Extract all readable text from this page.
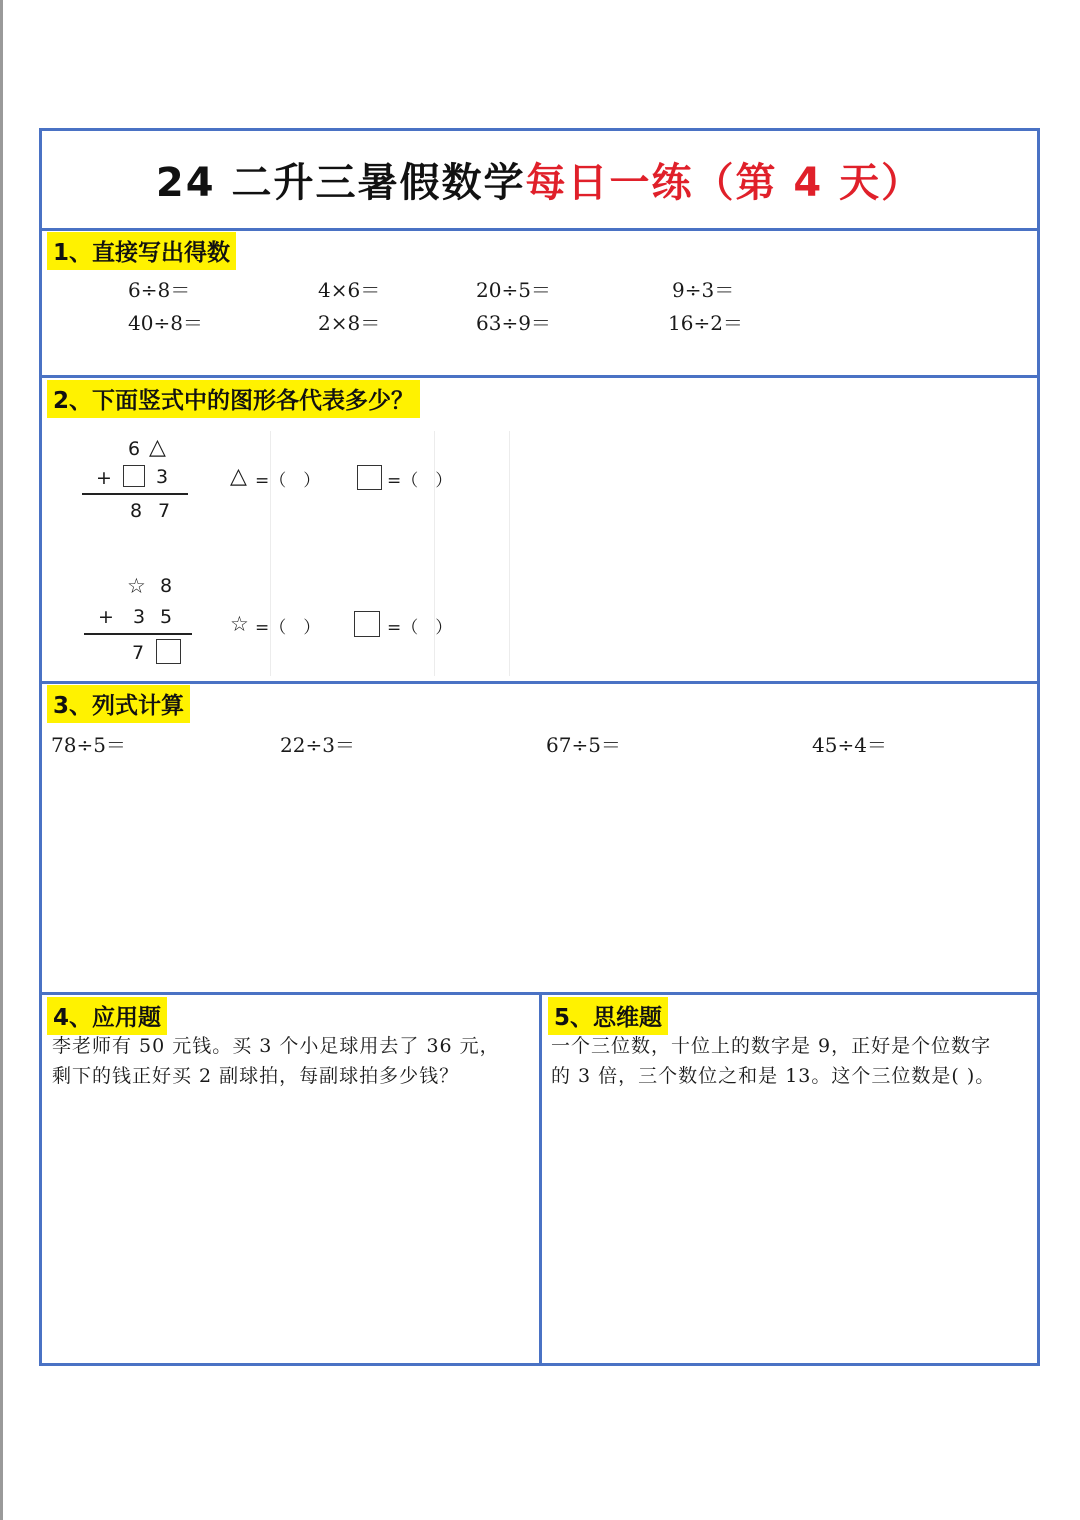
24 二升三暑假数学 每日一练（第 4 天）
1、直接写出得数
6÷8＝	4×6＝	20÷5＝	9÷3＝
40÷8＝	2×8＝	63÷9＝	16÷2＝
2、下面竖式中的图形各代表多少？
6 △
+ 3
8 7
△ =（　）	=（　）
☆ 8
+ 3 5
7
☆ =（　）	=（　）
3、列式计算
78÷5＝	22÷3＝	67÷5＝	45÷4＝
4、应用题
李老师有 50 元钱。买 3 个小足球用去了 36 元，
剩下的钱正好买 2 副球拍，每副球拍多少钱？
5、思维题
一个三位数，十位上的数字是 9，正好是个位数字
的 3 倍，三个数位之和是 13。这个三位数是( )。
